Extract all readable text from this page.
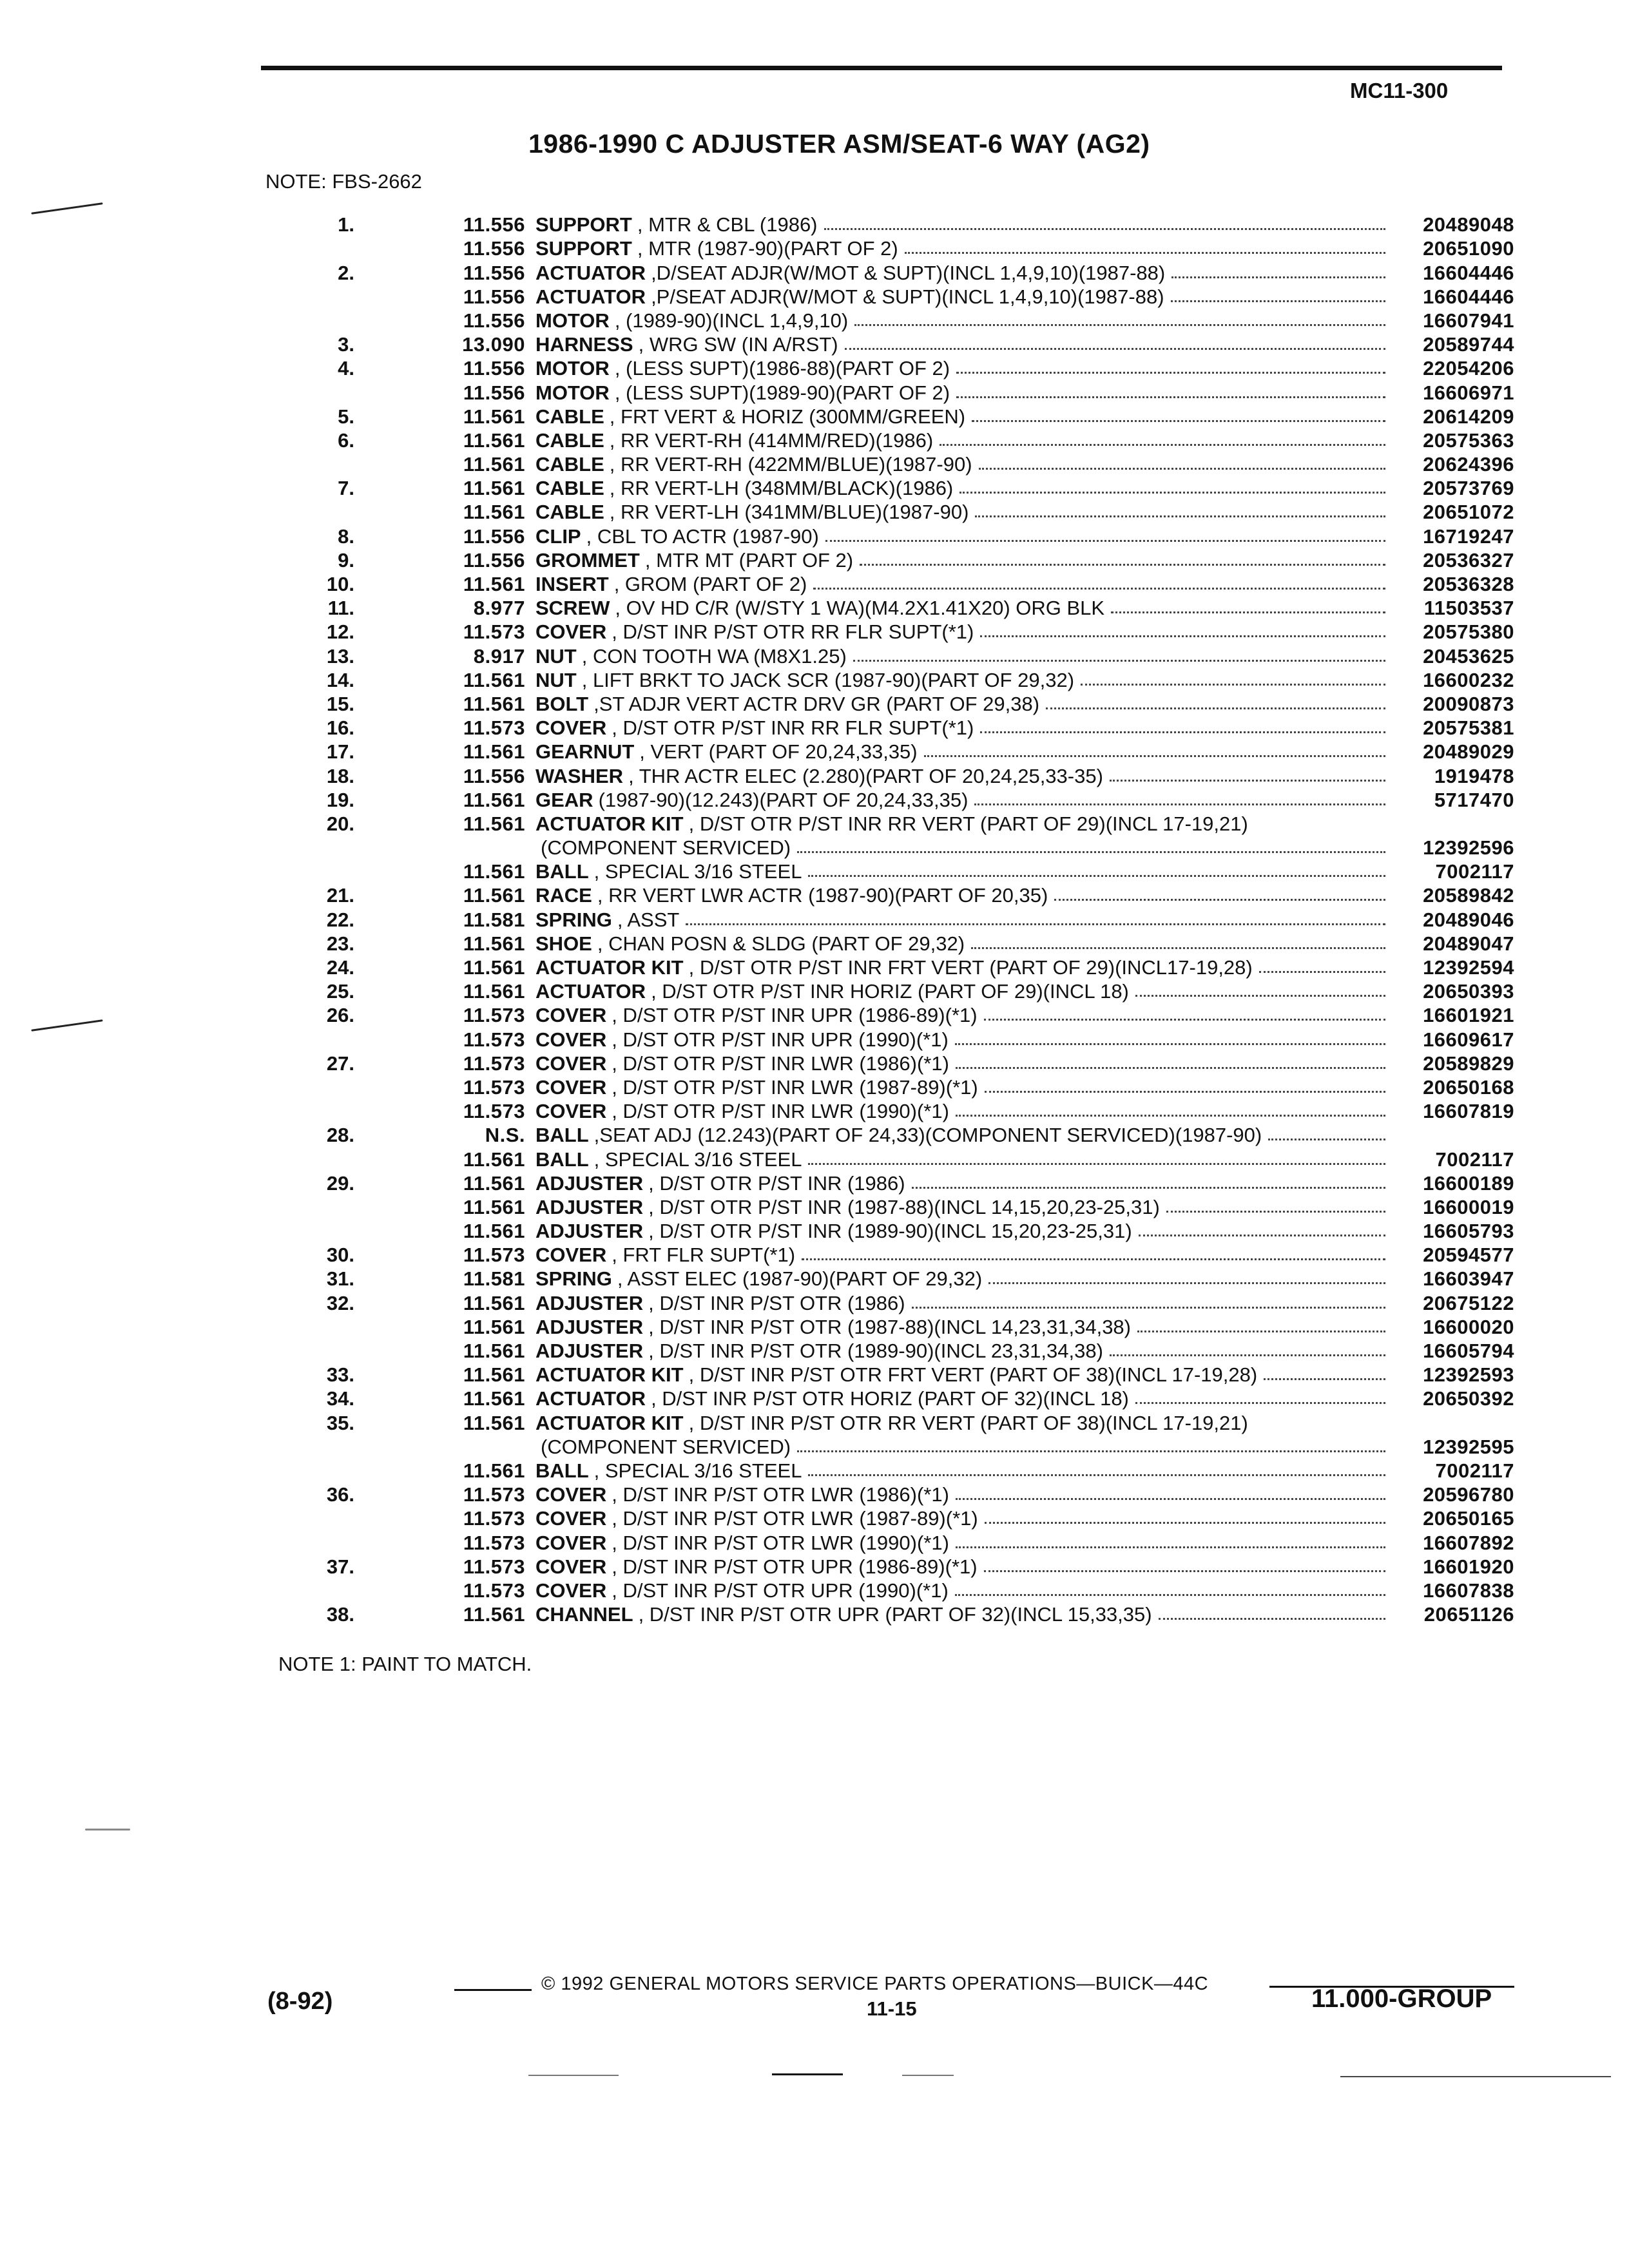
MC11-300
1986-1990 C ADJUSTER ASM/SEAT-6 WAY (AG2)
NOTE: FBS-2662
1.	11.556 SUPPORT , MTR & CBL (1986)	20489048
11.556 SUPPORT , MTR (1987-90)(PART OF 2)	20651090
2.	11.556 ACTUATOR ,D/SEAT ADJR(W/MOT & SUPT)(INCL 1,4,9,10)(1987-88)	16604446
11.556 ACTUATOR ,P/SEAT ADJR(W/MOT & SUPT)(INCL 1,4,9,10)(1987-88)	16604446
11.556 MOTOR , (1989-90)(INCL 1,4,9,10)	16607941
3.	13.090 HARNESS , WRG SW (IN A/RST)	20589744
4.	11.556 MOTOR , (LESS SUPT)(1986-88)(PART OF 2)	22054206
11.556 MOTOR , (LESS SUPT)(1989-90)(PART OF 2)	16606971
5.	11.561 CABLE , FRT VERT & HORIZ (300MM/GREEN)	20614209
6.	11.561 CABLE , RR VERT-RH (414MM/RED)(1986)	20575363
11.561 CABLE , RR VERT-RH (422MM/BLUE)(1987-90)	20624396
7.	11.561 CABLE , RR VERT-LH (348MM/BLACK)(1986)	20573769
11.561 CABLE , RR VERT-LH (341MM/BLUE)(1987-90)	20651072
8.	11.556 CLIP , CBL TO ACTR (1987-90)	16719247
9.	11.556 GROMMET , MTR MT (PART OF 2)	20536327
10.	11.561 INSERT , GROM (PART OF 2)	20536328
11.	8.977 SCREW , OV HD C/R (W/STY 1 WA)(M4.2X1.41X20) ORG BLK	11503537
12.	11.573 COVER , D/ST INR P/ST OTR RR FLR SUPT(*1)	20575380
13.	8.917 NUT , CON TOOTH WA (M8X1.25)	20453625
14.	11.561 NUT , LIFT BRKT TO JACK SCR (1987-90)(PART OF 29,32)	16600232
15.	11.561 BOLT ,ST ADJR VERT ACTR DRV GR (PART OF 29,38)	20090873
16.	11.573 COVER , D/ST OTR P/ST INR RR FLR SUPT(*1)	20575381
17.	11.561 GEARNUT , VERT (PART OF 20,24,33,35)	20489029
18.	11.556 WASHER , THR ACTR ELEC (2.280)(PART OF 20,24,25,33-35)	1919478
19.	11.561 GEAR (1987-90)(12.243)(PART OF 20,24,33,35)	5717470
20.	11.561 ACTUATOR KIT , D/ST OTR P/ST INR RR VERT (PART OF 29)(INCL 17-19,21)
(COMPONENT SERVICED)	12392596
11.561 BALL , SPECIAL 3/16 STEEL	7002117
21.	11.561 RACE , RR VERT LWR ACTR (1987-90)(PART OF 20,35)	20589842
22.	11.581 SPRING , ASST	20489046
23.	11.561 SHOE , CHAN POSN & SLDG (PART OF 29,32)	20489047
24.	11.561 ACTUATOR KIT , D/ST OTR P/ST INR FRT VERT (PART OF 29)(INCL17-19,28)	12392594
25.	11.561 ACTUATOR , D/ST OTR P/ST INR HORIZ (PART OF 29)(INCL 18)	20650393
26.	11.573 COVER , D/ST OTR P/ST INR UPR (1986-89)(*1)	16601921
11.573 COVER , D/ST OTR P/ST INR UPR (1990)(*1)	16609617
27.	11.573 COVER , D/ST OTR P/ST INR LWR (1986)(*1)	20589829
11.573 COVER , D/ST OTR P/ST INR LWR (1987-89)(*1)	20650168
11.573 COVER , D/ST OTR P/ST INR LWR (1990)(*1)	16607819
28.	N.S. BALL ,SEAT ADJ (12.243)(PART OF 24,33)(COMPONENT SERVICED)(1987-90)
11.561 BALL , SPECIAL 3/16 STEEL	7002117
29.	11.561 ADJUSTER , D/ST OTR P/ST INR (1986)	16600189
11.561 ADJUSTER , D/ST OTR P/ST INR (1987-88)(INCL 14,15,20,23-25,31)	16600019
11.561 ADJUSTER , D/ST OTR P/ST INR (1989-90)(INCL 15,20,23-25,31)	16605793
30.	11.573 COVER , FRT FLR SUPT(*1)	20594577
31.	11.581 SPRING , ASST ELEC (1987-90)(PART OF 29,32)	16603947
32.	11.561 ADJUSTER , D/ST INR P/ST OTR (1986)	20675122
11.561 ADJUSTER , D/ST INR P/ST OTR (1987-88)(INCL 14,23,31,34,38)	16600020
11.561 ADJUSTER , D/ST INR P/ST OTR (1989-90)(INCL 23,31,34,38)	16605794
33.	11.561 ACTUATOR KIT , D/ST INR P/ST OTR FRT VERT (PART OF 38)(INCL 17-19,28)	12392593
34.	11.561 ACTUATOR , D/ST INR P/ST OTR HORIZ (PART OF 32)(INCL 18)	20650392
35.	11.561 ACTUATOR KIT , D/ST INR P/ST OTR RR VERT (PART OF 38)(INCL 17-19,21)
(COMPONENT SERVICED)	12392595
11.561 BALL , SPECIAL 3/16 STEEL	7002117
36.	11.573 COVER , D/ST INR P/ST OTR LWR (1986)(*1)	20596780
11.573 COVER , D/ST INR P/ST OTR LWR (1987-89)(*1)	20650165
11.573 COVER , D/ST INR P/ST OTR LWR (1990)(*1)	16607892
37.	11.573 COVER , D/ST INR P/ST OTR UPR (1986-89)(*1)	16601920
11.573 COVER , D/ST INR P/ST OTR UPR (1990)(*1)	16607838
38.	11.561 CHANNEL , D/ST INR P/ST OTR UPR (PART OF 32)(INCL 15,33,35)	20651126
NOTE 1: PAINT TO MATCH.
© 1992 GENERAL MOTORS SERVICE PARTS OPERATIONS—BUICK—44C
(8-92)	11-15	11.000-GROUP
